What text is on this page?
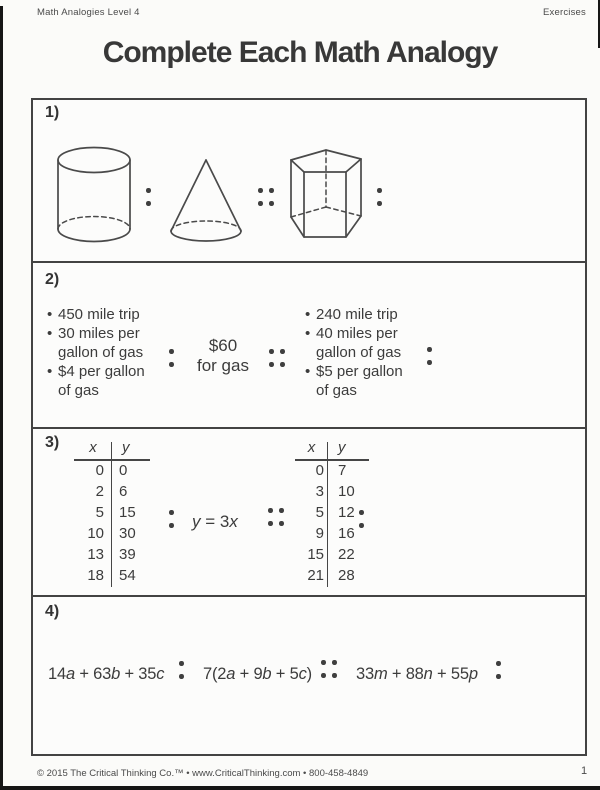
Math Analogies Level 4	Exercises
Complete Each Math Analogy
1)
2)
• 450 mile trip
• 30 miles per gallon of gas
• $4 per gallon of gas
$60
for gas
• 240 mile trip
• 40 miles per gallon of gas
• $5 per gallon of gas
3)	x	y
0	0
2	6
5	15
10	30
13	39
18	54
y = 3x
x	y
0 7
3 10
5 12
9 16
15 22
21 28
4)
14a + 63b + 35c 7(2a + 9b + 5c)	33m + 88n + 55p
© 2015 The Critical Thinking Co.™ • www.CriticalThinking.com • 800-458-4849	1
